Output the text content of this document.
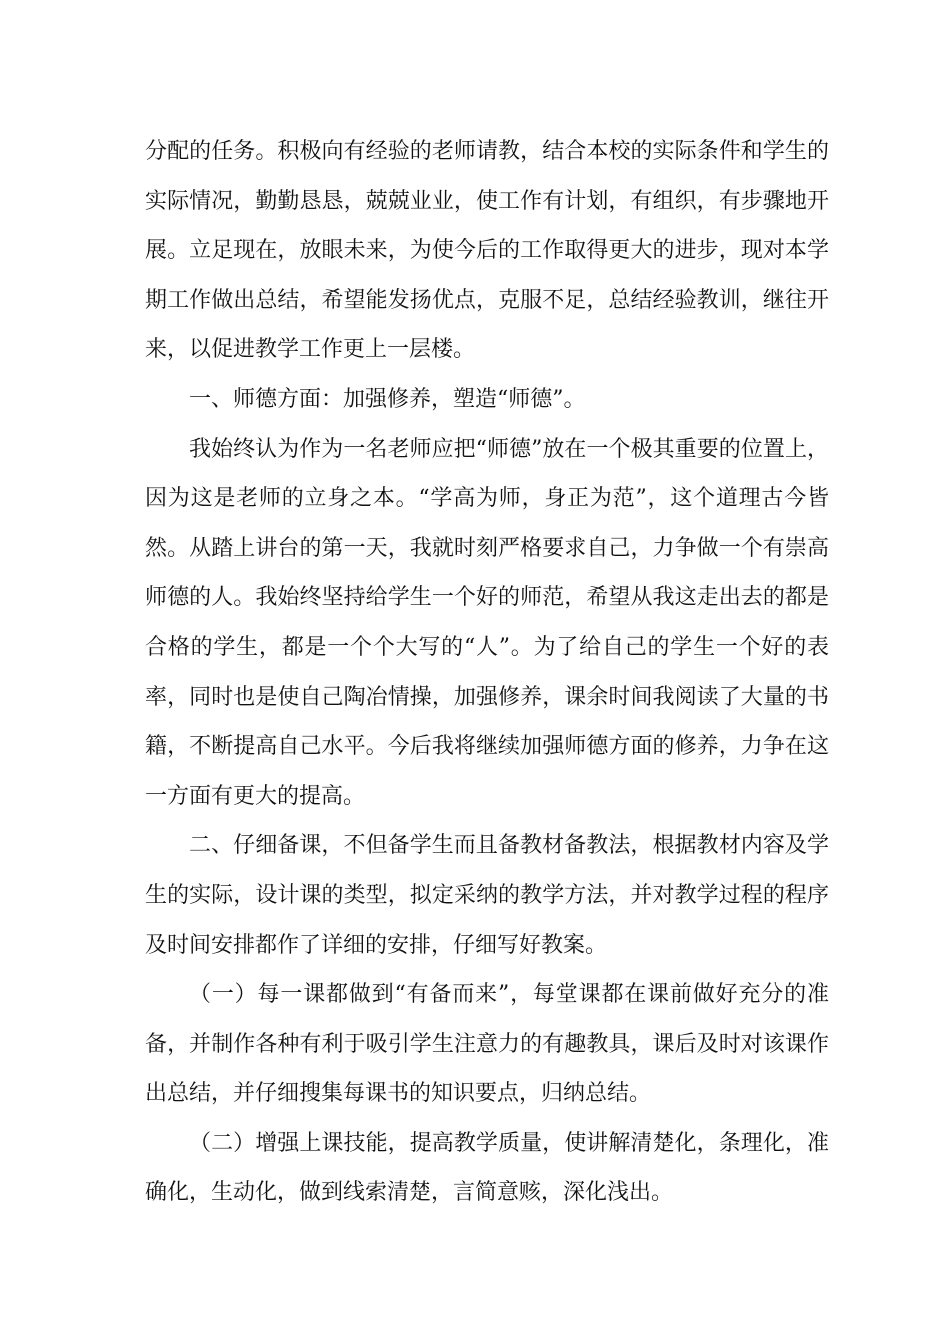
分配的任务。积极向有经验的老师请教，结合本校的实际条件和学生的实际情况，勤勤恳恳，兢兢业业，使工作有计划，有组织，有步骤地开展。立足现在，放眼未来，为使今后的工作取得更大的进步，现对本学期工作做出总结，希望能发扬优点，克服不足，总结经验教训，继往开来，以促进教学工作更上一层楼。

一、师德方面：加强修养，塑造“师德”。

我始终认为作为一名老师应把“师德”放在一个极其重要的位置上，因为这是老师的立身之本。“学高为师，身正为范”，这个道理古今皆然。从踏上讲台的第一天，我就时刻严格要求自己，力争做一个有崇高师德的人。我始终坚持给学生一个好的师范，希望从我这走出去的都是合格的学生，都是一个个大写的“人”。为了给自己的学生一个好的表率，同时也是使自己陶冶情操，加强修养，课余时间我阅读了大量的书籍，不断提高自己水平。今后我将继续加强师德方面的修养，力争在这一方面有更大的提高。

二、仔细备课，不但备学生而且备教材备教法，根据教材内容及学生的实际，设计课的类型，拟定采纳的教学方法，并对教学过程的程序及时间安排都作了详细的安排，仔细写好教案。

（一）每一课都做到“有备而来”，每堂课都在课前做好充分的准备，并制作各种有利于吸引学生注意力的有趣教具，课后及时对该课作出总结，并仔细搜集每课书的知识要点，归纳总结。

（二）增强上课技能，提高教学质量，使讲解清楚化，条理化，准确化，生动化，做到线索清楚，言简意赅，深化浅出。
